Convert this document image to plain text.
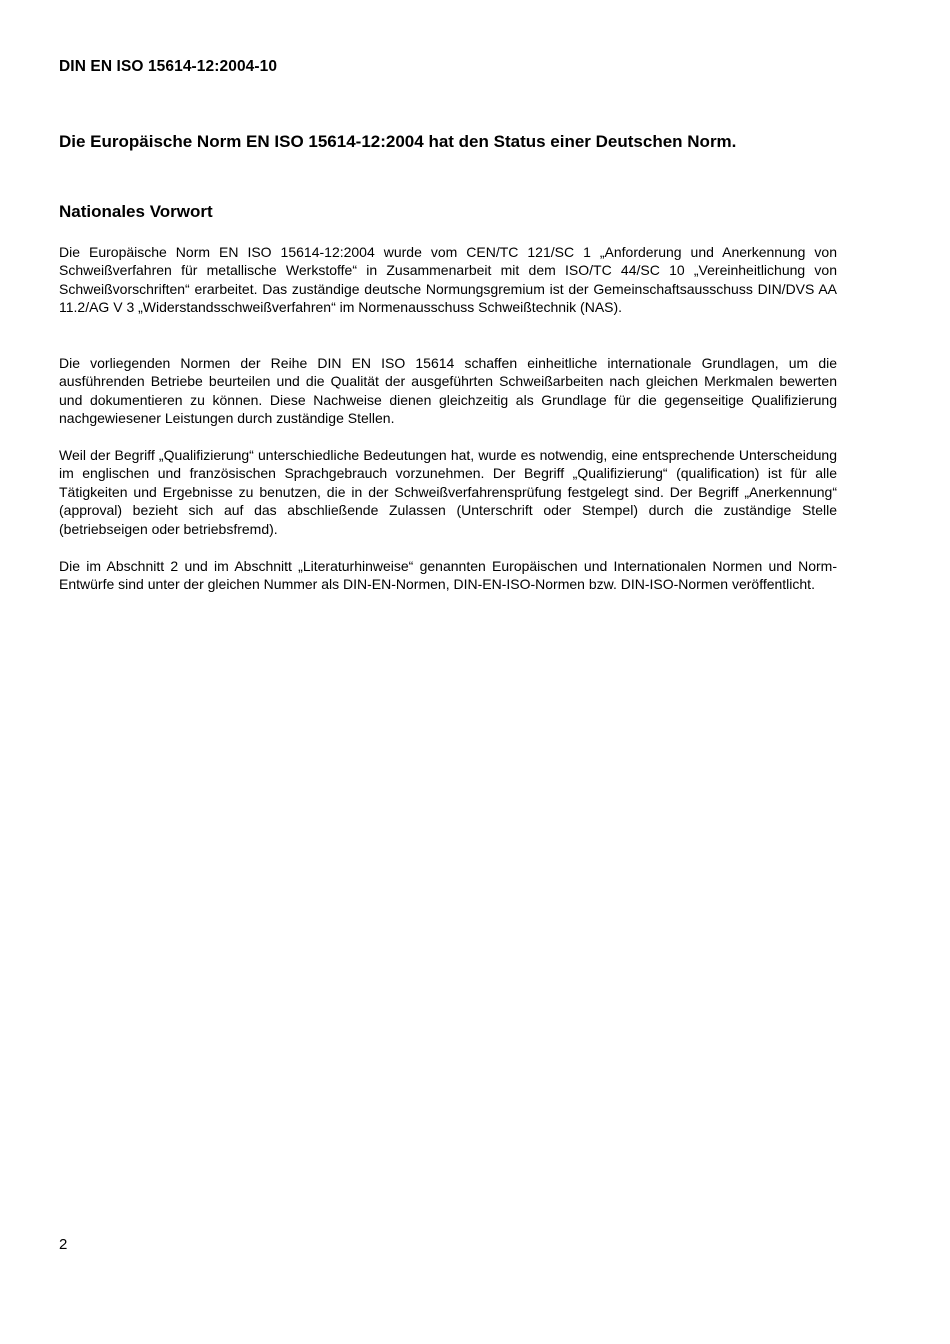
DIN EN ISO 15614-12:2004-10
Die Europäische Norm EN ISO 15614-12:2004 hat den Status einer Deutschen Norm.
Nationales Vorwort

Die Europäische Norm EN ISO 15614-12:2004 wurde vom CEN/TC 121/SC 1 „Anforderung und Anerkennung von Schweißverfahren für metallische Werkstoffe“ in Zusammenarbeit mit dem ISO/TC 44/SC 10 „Vereinheitlichung von Schweißvorschriften“ erarbeitet. Das zuständige deutsche Normungsgremium ist der Gemeinschaftsausschuss DIN/DVS AA 11.2/AG V 3 „Widerstandsschweißverfahren“ im Normenausschuss Schweißtechnik (NAS).

Die vorliegenden Normen der Reihe DIN EN ISO 15614 schaffen einheitliche internationale Grundlagen, um die ausführenden Betriebe beurteilen und die Qualität der ausgeführten Schweißarbeiten nach gleichen Merkmalen bewerten und dokumentieren zu können. Diese Nachweise dienen gleichzeitig als Grundlage für die gegenseitige Qualifizierung nachgewiesener Leistungen durch zuständige Stellen.

Weil der Begriff „Qualifizierung“ unterschiedliche Bedeutungen hat, wurde es notwendig, eine entsprechende Unterscheidung im englischen und französischen Sprachgebrauch vorzunehmen. Der Begriff „Qualifizierung“ (qualification) ist für alle Tätigkeiten und Ergebnisse zu benutzen, die in der Schweißverfahrensprüfung festgelegt sind. Der Begriff „Anerkennung“ (approval) bezieht sich auf das abschließende Zulassen (Unterschrift oder Stempel) durch die zuständige Stelle (betriebseigen oder betriebsfremd).

Die im Abschnitt 2 und im Abschnitt „Literaturhinweise“ genannten Europäischen und Internationalen Normen und Norm-Entwürfe sind unter der gleichen Nummer als DIN-EN-Normen, DIN-EN-ISO-Normen bzw. DIN-ISO-Normen veröffentlicht.

2
